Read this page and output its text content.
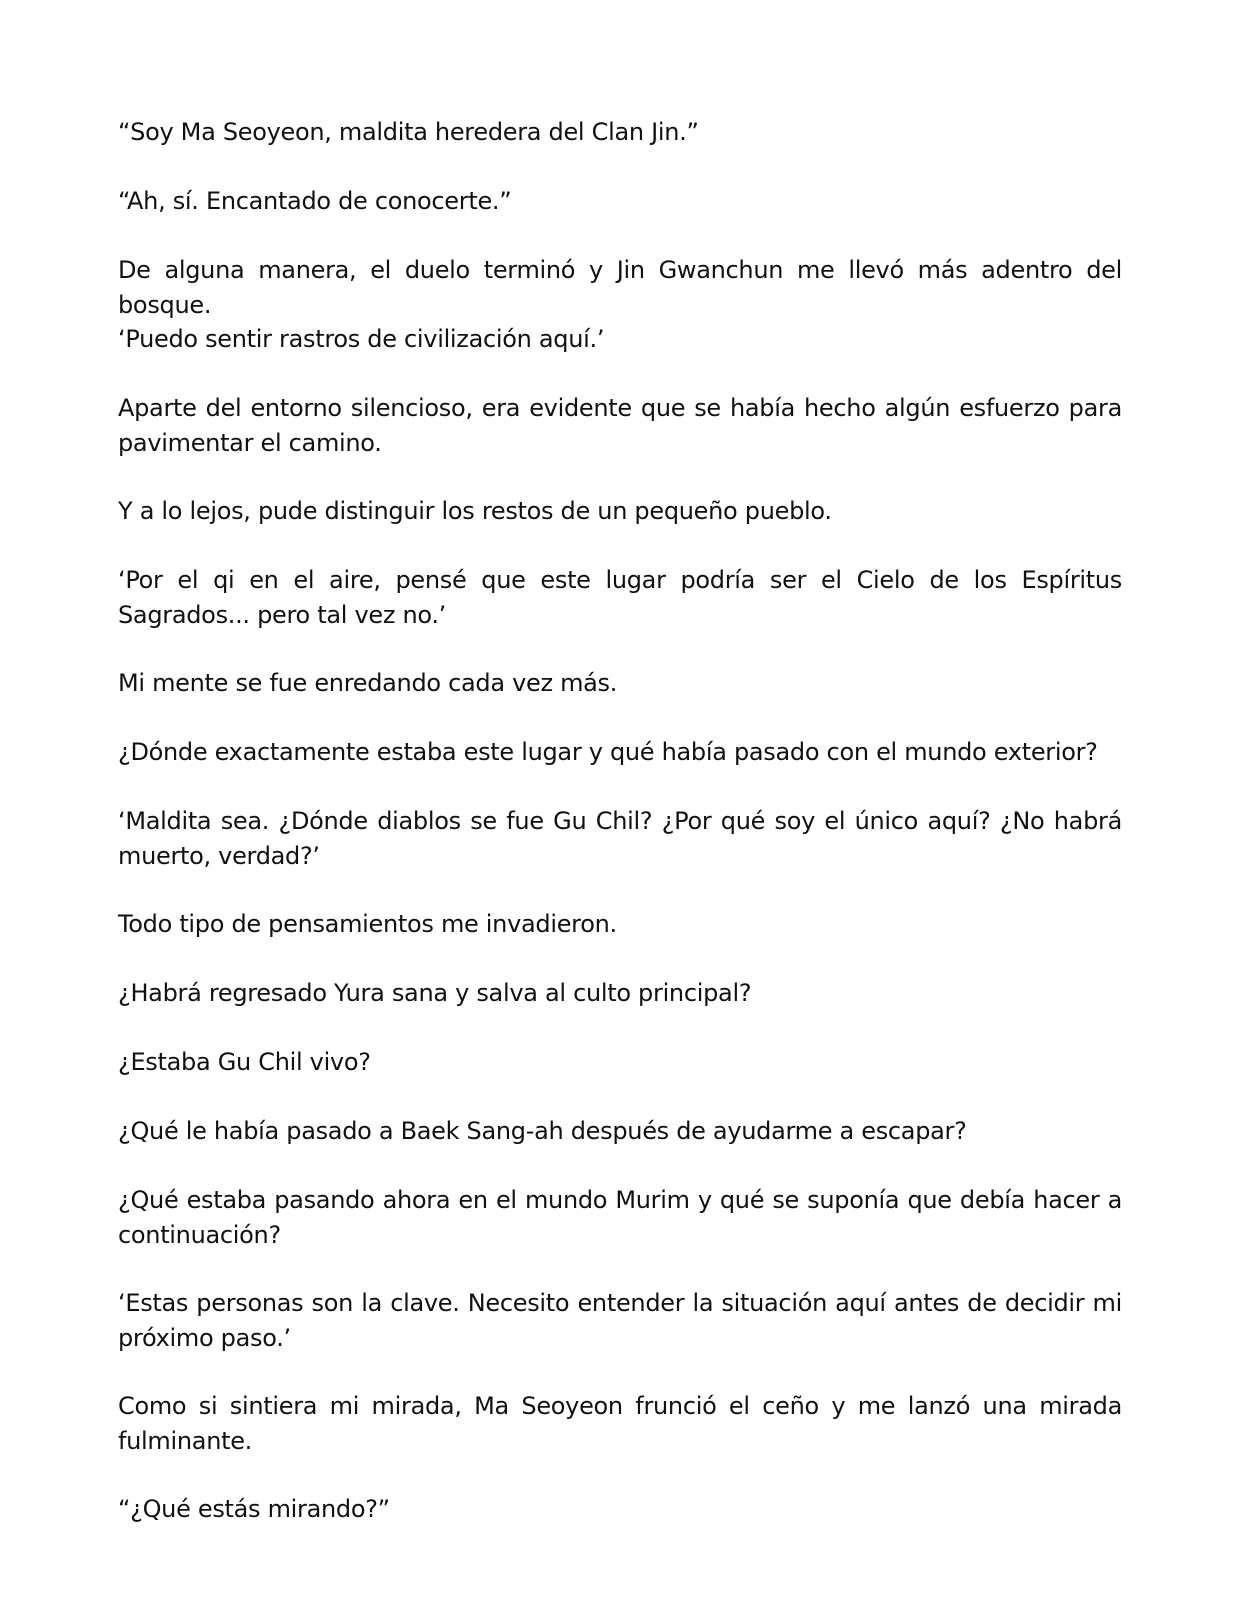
“Soy Ma Seoyeon, maldita heredera del Clan Jin.”

“Ah, sí. Encantado de conocerte.”

De alguna manera, el duelo terminó y Jin Gwanchun me llevó más adentro del bosque.

‘Puedo sentir rastros de civilización aquí.’

Aparte del entorno silencioso, era evidente que se había hecho algún esfuerzo para pavimentar el camino.

Y a lo lejos, pude distinguir los restos de un pequeño pueblo.

‘Por el qi en el aire, pensé que este lugar podría ser el Cielo de los Espíritus Sagrados... pero tal vez no.’

Mi mente se fue enredando cada vez más.

¿Dónde exactamente estaba este lugar y qué había pasado con el mundo exterior?

‘Maldita sea. ¿Dónde diablos se fue Gu Chil? ¿Por qué soy el único aquí? ¿No habrá muerto, verdad?’

Todo tipo de pensamientos me invadieron.

¿Habrá regresado Yura sana y salva al culto principal?

¿Estaba Gu Chil vivo?

¿Qué le había pasado a Baek Sang-ah después de ayudarme a escapar?

¿Qué estaba pasando ahora en el mundo Murim y qué se suponía que debía hacer a continuación?

‘Estas personas son la clave. Necesito entender la situación aquí antes de decidir mi próximo paso.’

Como si sintiera mi mirada, Ma Seoyeon frunció el ceño y me lanzó una mirada fulminante.

“¿Qué estás mirando?”
